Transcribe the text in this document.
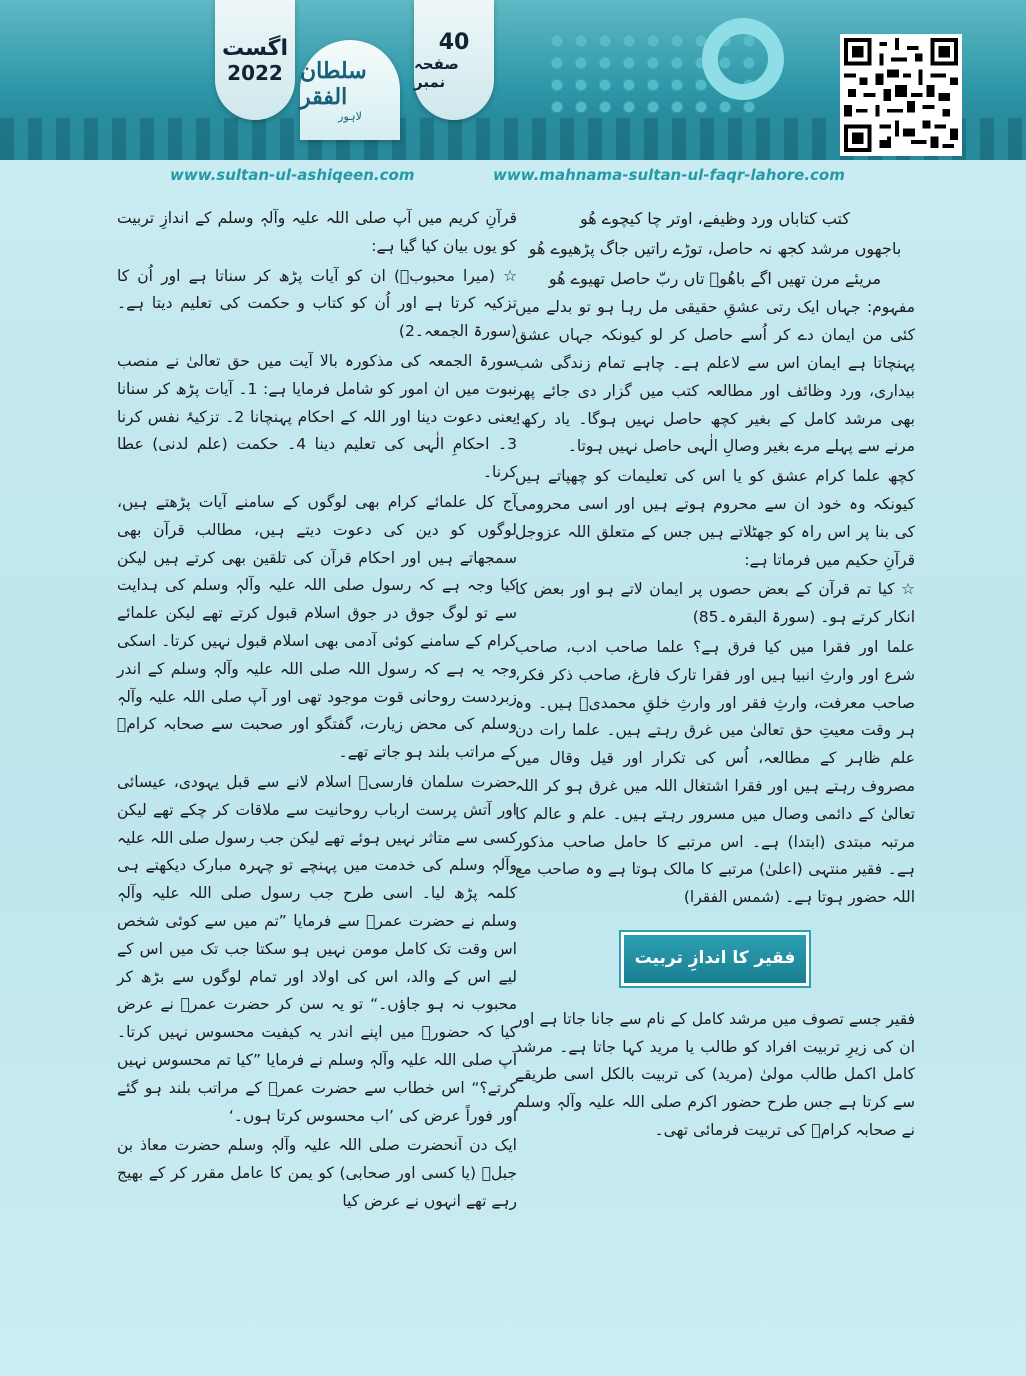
اگست
2022 سلطان الفقر
لاہور
40
صفحہ نمبر
www.sultan-ul-ashiqeen.com	www.mahnama-sultan-ul-faqr-lahore.com

کتب کتاباں ورد وظیفے، اوتر چا کیچوے ھُو

باجھوں مرشد کجھ نہ حاصل، توڑے راتیں جاگ پڑھیوے ھُو

مریئے مرن تھیں اگے باھُوؒ تاں ربّ حاصل تھیوے ھُو

مفہوم: جہاں ایک رتی عشقِ حقیقی مل رہا ہو تو بدلے میں کئی من ایمان دے کر اُسے حاصل کر لو کیونکہ جہاں عشق پہنچاتا ہے ایمان اس سے لاعلم ہے۔ چاہے تمام زندگی شب بیداری، ورد وظائف اور مطالعہ کتب میں گزار دی جائے پھر بھی مرشد کامل کے بغیر کچھ حاصل نہیں ہوگا۔ یاد رکھ! مرنے سے پہلے مرے بغیر وصالِ الٰہی حاصل نہیں ہوتا۔

کچھ علما کرام عشق کو یا اس کی تعلیمات کو چھپاتے ہیں کیونکہ وہ خود ان سے محروم ہوتے ہیں اور اسی محرومی کی بنا پر اس راہ کو جھٹلاتے ہیں جس کے متعلق اللہ عزوجل قرآنِ حکیم میں فرماتا ہے:

☆ کیا تم قرآن کے بعض حصوں پر ایمان لاتے ہو اور بعض کا انکار کرتے ہو۔ (سورۃ البقرہ۔85)

علما اور فقرا میں کیا فرق ہے؟ علما صاحب ادب، صاحب شرع اور وارثِ انبیا ہیں اور فقرا تارک فارغ، صاحب ذکر فکر، صاحب معرفت، وارثِ فقر اور وارثِ خلقِ محمدیؐ ہیں۔ وہ ہر وقت معیتِ حق تعالیٰ میں غرق رہتے ہیں۔ علما رات دن علم ظاہر کے مطالعہ، اُس کی تکرار اور قیل وقال میں مصروف رہتے ہیں اور فقرا اشتغال اللہ میں غرق ہو کر اللہ تعالیٰ کے دائمی وصال میں مسرور رہتے ہیں۔ علم و عالم کا مرتبہ مبتدی (ابتدا) ہے۔ اس مرتبے کا حامل صاحب مذکور ہے۔ فقیر منتہی (اعلیٰ) مرتبے کا مالک ہوتا ہے وہ صاحب مع اللہ حضور ہوتا ہے۔ (شمس الفقرا)

فقیر کا اندازِ تربیت

فقیر جسے تصوف میں مرشد کامل کے نام سے جانا جاتا ہے اور ان کی زیرِ تربیت افراد کو طالب یا مرید کہا جاتا ہے۔ مرشد کامل اکمل طالب مولیٰ (مرید) کی تربیت بالکل اسی طریقے سے کرتا ہے جس طرح حضور اکرم صلی اللہ علیہ وآلہٖ وسلم نے صحابہ کرامؓ کی تربیت فرمائی تھی۔

قرآنِ کریم میں آپ صلی اللہ علیہ وآلہٖ وسلم کے اندازِ تربیت کو یوں بیان کیا گیا ہے:

☆ (میرا محبوبؐ) ان کو آیات پڑھ کر سناتا ہے اور اُن کا تزکیہ کرتا ہے اور اُن کو کتاب و حکمت کی تعلیم دیتا ہے۔ (سورۃ الجمعہ۔2)

سورۃ الجمعہ کی مذکورہ بالا آیت میں حق تعالیٰ نے منصب نبوت میں ان امور کو شامل فرمایا ہے: 1۔ آیات پڑھ کر سنانا یعنی دعوت دینا اور اللہ کے احکام پہنچانا 2۔ تزکیۂ نفس کرنا 3۔ احکامِ الٰہی کی تعلیم دینا 4۔ حکمت (علم لدنی) عطا کرنا۔

آج کل علمائے کرام بھی لوگوں کے سامنے آیات پڑھتے ہیں، لوگوں کو دین کی دعوت دیتے ہیں، مطالب قرآن بھی سمجھاتے ہیں اور احکام قرآن کی تلقین بھی کرتے ہیں لیکن کیا وجہ ہے کہ رسول صلی اللہ علیہ وآلہٖ وسلم کی ہدایت سے تو لوگ جوق در جوق اسلام قبول کرتے تھے لیکن علمائے کرام کے سامنے کوئی آدمی بھی اسلام قبول نہیں کرتا۔ اسکی وجہ یہ ہے کہ رسول اللہ صلی اللہ علیہ وآلہٖ وسلم کے اندر زبردست روحانی قوت موجود تھی اور آپ صلی اللہ علیہ وآلہٖ وسلم کی محض زیارت، گفتگو اور صحبت سے صحابہ کرامؓ کے مراتب بلند ہو جاتے تھے۔

حضرت سلمان فارسیؓ اسلام لانے سے قبل یہودی، عیسائی اور آتش پرست ارباب روحانیت سے ملاقات کر چکے تھے لیکن کسی سے متاثر نہیں ہوئے تھے لیکن جب رسول صلی اللہ علیہ وآلہٖ وسلم کی خدمت میں پہنچے تو چہرہ مبارک دیکھتے ہی کلمہ پڑھ لیا۔ اسی طرح جب رسول صلی اللہ علیہ وآلہٖ وسلم نے حضرت عمرؓ سے فرمایا ”تم میں سے کوئی شخص اس وقت تک کامل مومن نہیں ہو سکتا جب تک میں اس کے لیے اس کے والد، اس کی اولاد اور تمام لوگوں سے بڑھ کر محبوب نہ ہو جاؤں۔“ تو یہ سن کر حضرت عمرؓ نے عرض کیا کہ حضورؐ میں اپنے اندر یہ کیفیت محسوس نہیں کرتا۔ آپ صلی اللہ علیہ وآلہٖ وسلم نے فرمایا ”کیا تم محسوس نہیں کرتے؟“ اس خطاب سے حضرت عمرؓ کے مراتب بلند ہو گئے اور فوراً عرض کی ’اب محسوس کرتا ہوں۔‘

ایک دن آنحضرت صلی اللہ علیہ وآلہٖ وسلم حضرت معاذ بن جبلؓ (یا کسی اور صحابی) کو یمن کا عامل مقرر کر کے بھیج رہے تھے انہوں نے عرض کیا
